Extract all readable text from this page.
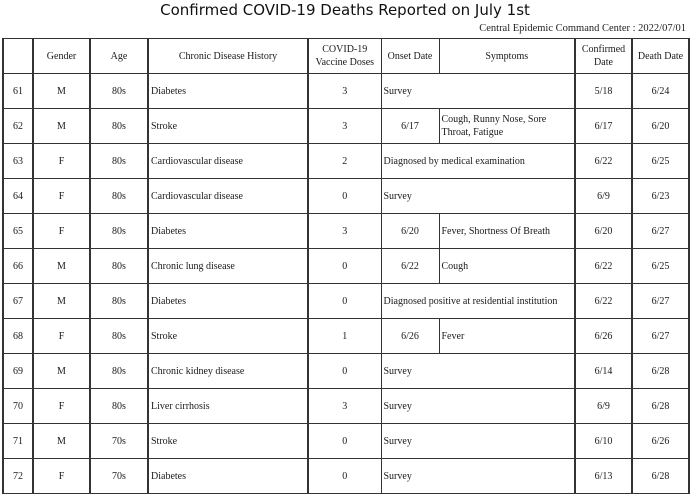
Confirmed COVID-19 Deaths Reported on July 1st
Central Epidemic Command Center : 2022/07/01
	Gender	Age	Chronic Disease History	COVID-19 Vaccine Doses	Onset Date	Symptoms	Confirmed Date	Death Date
61	M	80s	Diabetes	3	Survey		5/18	6/24
62	M	80s	Stroke	3	6/17	Cough, Runny Nose, Sore Throat, Fatigue	6/17	6/20
63	F	80s	Cardiovascular disease	2	Diagnosed by medical examination		6/22	6/25
64	F	80s	Cardiovascular disease	0	Survey		6/9	6/23
65	F	80s	Diabetes	3	6/20	Fever, Shortness Of Breath	6/20	6/27
66	M	80s	Chronic lung disease	0	6/22	Cough	6/22	6/25
67	M	80s	Diabetes	0	Diagnosed positive at residential institution		6/22	6/27
68	F	80s	Stroke	1	6/26	Fever	6/26	6/27
69	M	80s	Chronic kidney disease	0	Survey		6/14	6/28
70	F	80s	Liver cirrhosis	3	Survey		6/9	6/28
71	M	70s	Stroke	0	Survey		6/10	6/26
72	F	70s	Diabetes	0	Survey		6/13	6/28
